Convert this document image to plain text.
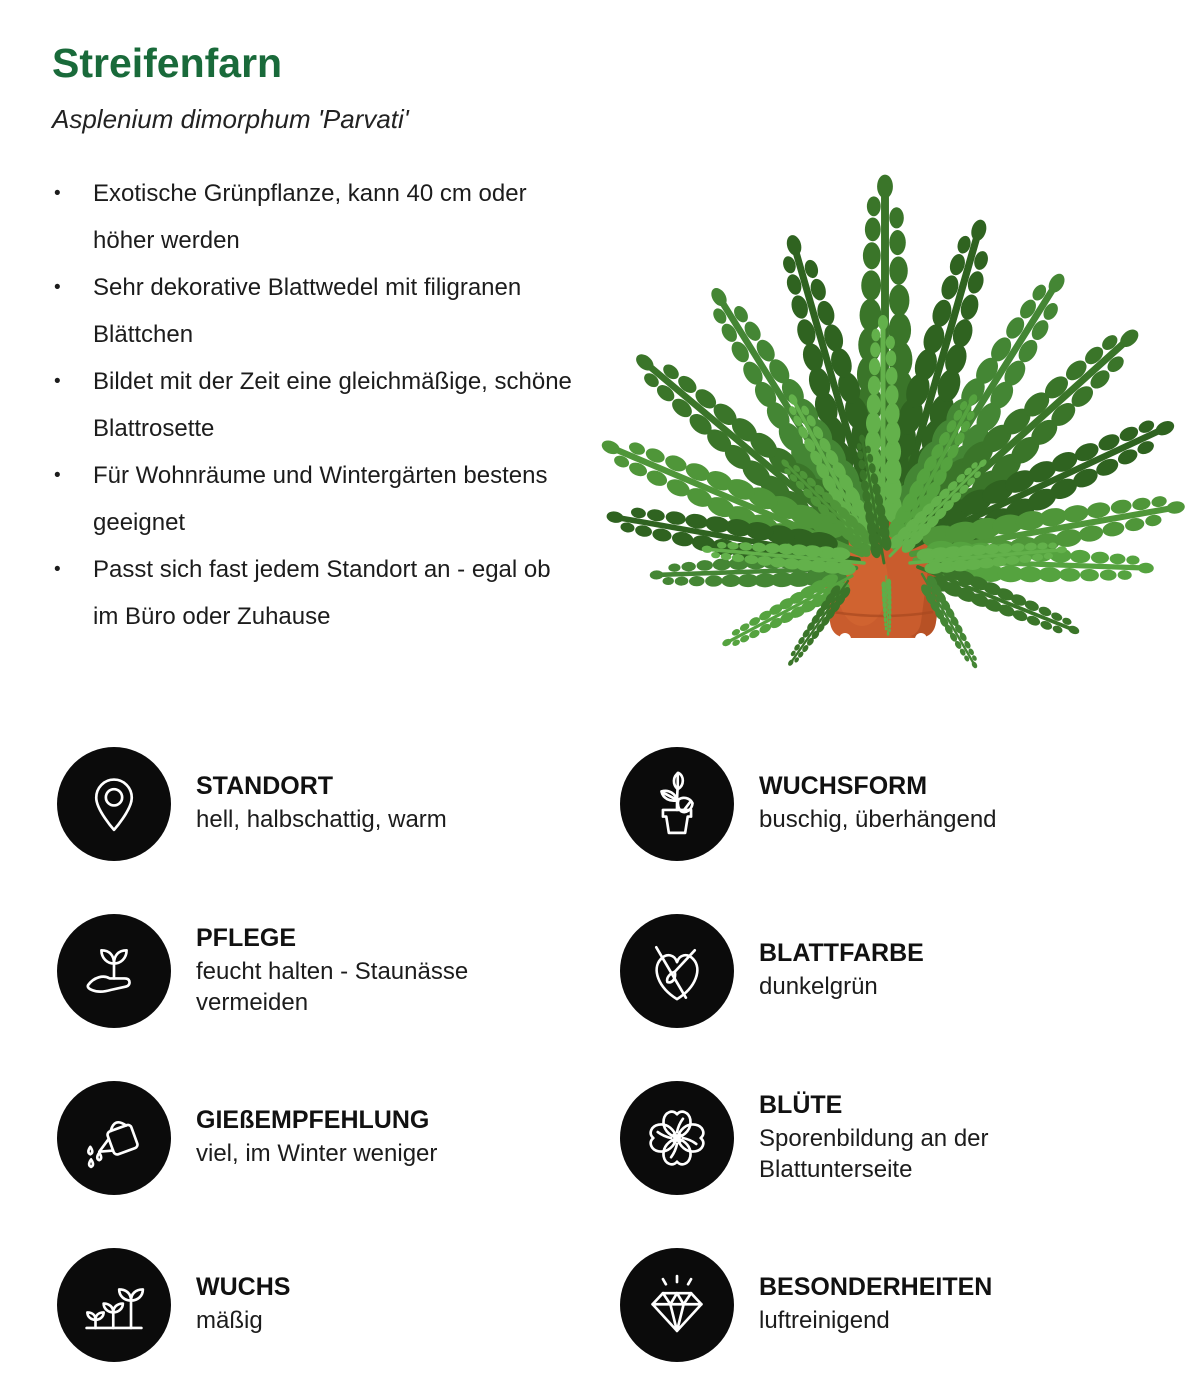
Streifenfarn

Asplenium dimorphum 'Parvati'

• Exotische Grünpflanze, kann 40 cm oder höher werden
• Sehr dekorative Blattwedel mit filigranen Blättchen
• Bildet mit der Zeit eine gleichmäßige, schöne Blattrosette
• Für Wohnräume und Wintergärten bestens geeignet
• Passt sich fast jedem Standort an - egal ob im Büro oder Zuhause
STANDORT
hell, halbschattig, warm
WUCHSFORM
buschig, überhängend
PFLEGE
feucht halten - Staunässe vermeiden
BLATTFARBE
dunkelgrün
GIEßEMPFEHLUNG
viel, im Winter weniger
BLÜTE
Sporenbildung an der Blattunterseite
WUCHS
mäßig
BESONDERHEITEN
luftreinigend
